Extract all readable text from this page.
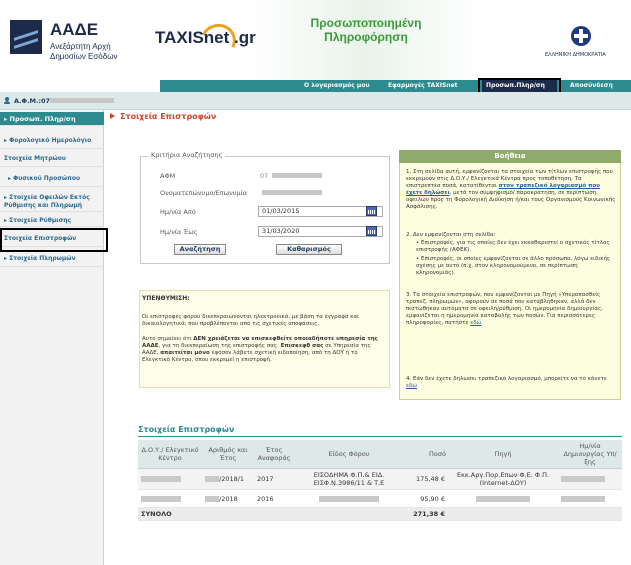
ΑΑΔΕ
Ανεξάρτητη Αρχή
Δημοσίων Εσόδων
TAXISnet .gr
Προσωποποιημένη Πληροφόρηση
ΕΛΛΗΝΙΚΗ ΔΗΜΟΚΡΑΤΙΑ
Ο λογαριασμός μου	Εφαρμογές TAXISnet	Προσωπ.Πληρ/ση	Αποσύνδεση
Α.Φ.Μ.:07
▸ Προσωπ. Πληρ/ση
▸ Φορολογικό Ημερολόγιο
Στοιχεία Μητρώου
▸ Φυσικού Προσώπου
▸ Στοιχεία Οφειλών Εκτός Ρύθμισης και Πληρωμή
▸ Στοιχεία Ρύθμισης
Στοιχεία Επιστροφών
▸ Στοιχεία Πληρωμών
Στοιχεία Επιστροφών
Κριτήρια Αναζήτησης
ΑΦΜ	07
Ονοματεπώνυμο/Επωνυμία
Ημ/νία Από	01/03/2015
Ημ/νία Έως	31/03/2020
Αναζήτηση	Καθαρισμός
ΥΠΕΝΘΥΜΙΣΗ:
Οι επιστροφές φόρου διεκπεραιώνονται ηλεκτρονικά, με βάση τα έγγραφα και δικαιολογητικά, που προβλέπονται από τις σχετικές αποφάσεις.
Αυτό σημαίνει ότι ΔΕΝ χρειάζεται να επισκεφθείτε οποιαδήποτε υπηρεσία της ΑΑΔΕ, για τη διεκπεραίωση της επιστροφής σας. Επισκεφθ σας σε Υπηρεσία της ΑΑΔΕ, απαιτείται μόνο εφόσον λάβετε σχετική ειδοποίηση, από τη ΔΟΥ ή το Ελεγκτικό Κέντρο, όπου εκκρεμεί η επιστροφή.
Βοήθεια
1. Στη σελίδα αυτή, εμφανίζονται τα στοιχεία των τίτλων επιστροφής που εκκρεμούν στις Δ.Ο.Υ./ Ελεγκτικά Κέντρα προς τοποθέτηση. Τα επιστρεπτέα ποσά, κατατίθενται στον τραπεζικό λογαριασμό που έχετε δηλώσει, μετά τον συμψηφισμό/ παρακράτηση, σε περίπτωση οφειλών προς τη Φορολογική Διοίκηση ή/και τους Οργανισμούς Κοινωνικής Ασφάλισης.
2. Δεν εμφανίζονται στη σελίδα:
• Επιστροφές, για τις οποίες δεν έχει εκκαθαριστεί ο σχετικός τίτλος επιστροφής (ΑΦΕΚ).
• Επιστροφές, οι οποίες εμφανίζονται σε άλλο πρόσωπο, λόγω ειδικής σχέσης με αυτό (π.χ. στον κληρονομούμενο, σε περίπτωση κληρονομιάς).
3. Τα στοιχεία επιστροφών, που εμφανίζονται με Πηγή «Υπεραπασθείς τραπεζ. πληρωμών», αφορούν σε ποσά που καταβλήθηκαν, αλλά δεν πιστώθηκαν αυτόματα σε οφειλή/ρύθμιση. Οι ημερομηνία δημιουργίας, εμφανίζεται η ημερομηνία καταβολής των ποσών. Για περισσότερες πληροφορίες, πατήστε εδώ
4. Εάν δεν έχετε δηλώσει τραπεζικό λογαριασμό, μπορείτε να το κάνετε εδώ
Στοιχεία Επιστροφών
Δ.Ο.Υ./ Ελεγκτικό Κέντρο	Αριθμός και Έτος	Έτος Αναφοράς	Είδος Φόρου	Ποσό	Πηγή	Ημ/νία Δημιουργίας Υπ/ξης
	/2018/1	2017	ΕΙΣΟΔΗΜΑ Φ.Π.& ΕΙΔ. ΕΙΣΦ.Ν.3986/11 & Τ.Ε	175,48 €	Εκκ.Αργ.Πορ.Επων Φ.Ε. Φ.Π. (Internet-ΔΟΥ)	
	/2018	2016		95,90 €		
ΣΥΝΟΛΟ				271,38 €		
